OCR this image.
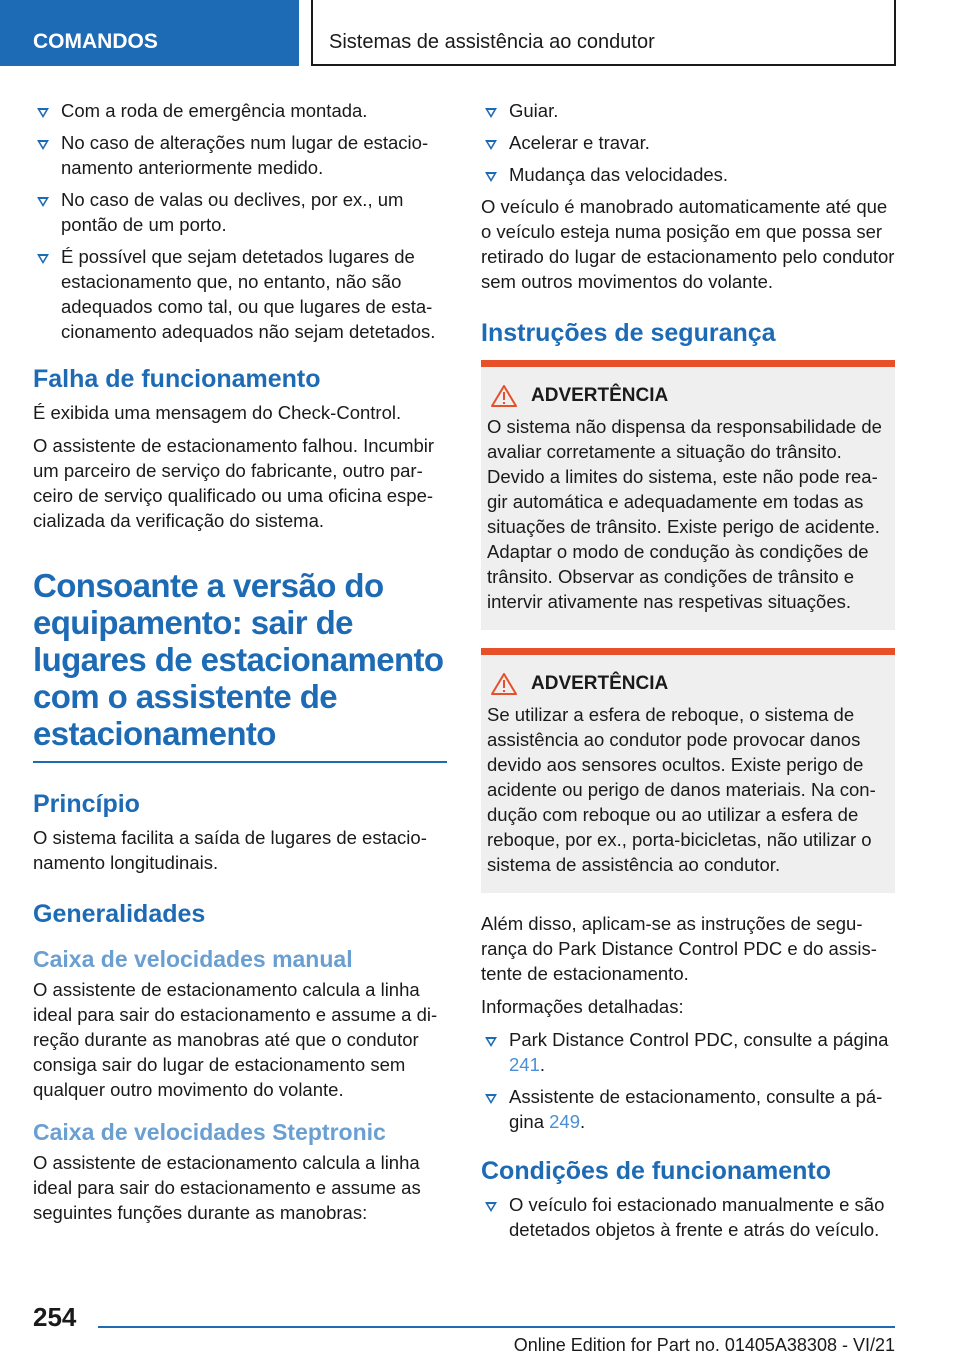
COMANDOS	Sistemas de assistência ao condutor
Com a roda de emergência montada.
No caso de alterações num lugar de estacionamento anteriormente medido.
No caso de valas ou declives, por ex., um pontão de um porto.
É possível que sejam detetados lugares de estacionamento que, no entanto, não são adequados como tal, ou que lugares de estacionamento adequados não sejam detetados.
Falha de funcionamento

É exibida uma mensagem do Check-Control.

O assistente de estacionamento falhou. Incumbir um parceiro de serviço do fabricante, outro parceiro de serviço qualificado ou uma oficina especializada da verificação do sistema.

Consoante a versão do equipamento: sair de lugares de estacionamento com o assistente de estacionamento
Princípio

O sistema facilita a saída de lugares de estacionamento longitudinais.

Generalidades
Caixa de velocidades manual

O assistente de estacionamento calcula a linha ideal para sair do estacionamento e assume a direção durante as manobras até que o condutor consiga sair do lugar de estacionamento sem qualquer outro movimento do volante.

Caixa de velocidades Steptronic

O assistente de estacionamento calcula a linha ideal para sair do estacionamento e assume as seguintes funções durante as manobras:

Guiar.
Acelerar e travar.
Mudança das velocidades.

O veículo é manobrado automaticamente até que o veículo esteja numa posição em que possa ser retirado do lugar de estacionamento pelo condutor sem outros movimentos do volante.

Instruções de segurança
ADVERTÊNCIA

O sistema não dispensa da responsabilidade de avaliar corretamente a situação do trânsito. Devido a limites do sistema, este não pode reagir automática e adequadamente em todas as situações de trânsito. Existe perigo de acidente. Adaptar o modo de condução às condições de trânsito. Observar as condições de trânsito e intervir ativamente nas respetivas situações.

ADVERTÊNCIA

Se utilizar a esfera de reboque, o sistema de assistência ao condutor pode provocar danos devido aos sensores ocultos. Existe perigo de acidente ou perigo de danos materiais. Na condução com reboque ou ao utilizar a esfera de reboque, por ex., porta-bicicletas, não utilizar o sistema de assistência ao condutor.

Além disso, aplicam-se as instruções de segurança do Park Distance Control PDC e do assistente de estacionamento.

Informações detalhadas:

Park Distance Control PDC, consulte a página 241.
Assistente de estacionamento, consulte a página 249.
Condições de funcionamento
O veículo foi estacionado manualmente e são detetados objetos à frente e atrás do veículo.
254
Online Edition for Part no. 01405A38308 - VI/21
